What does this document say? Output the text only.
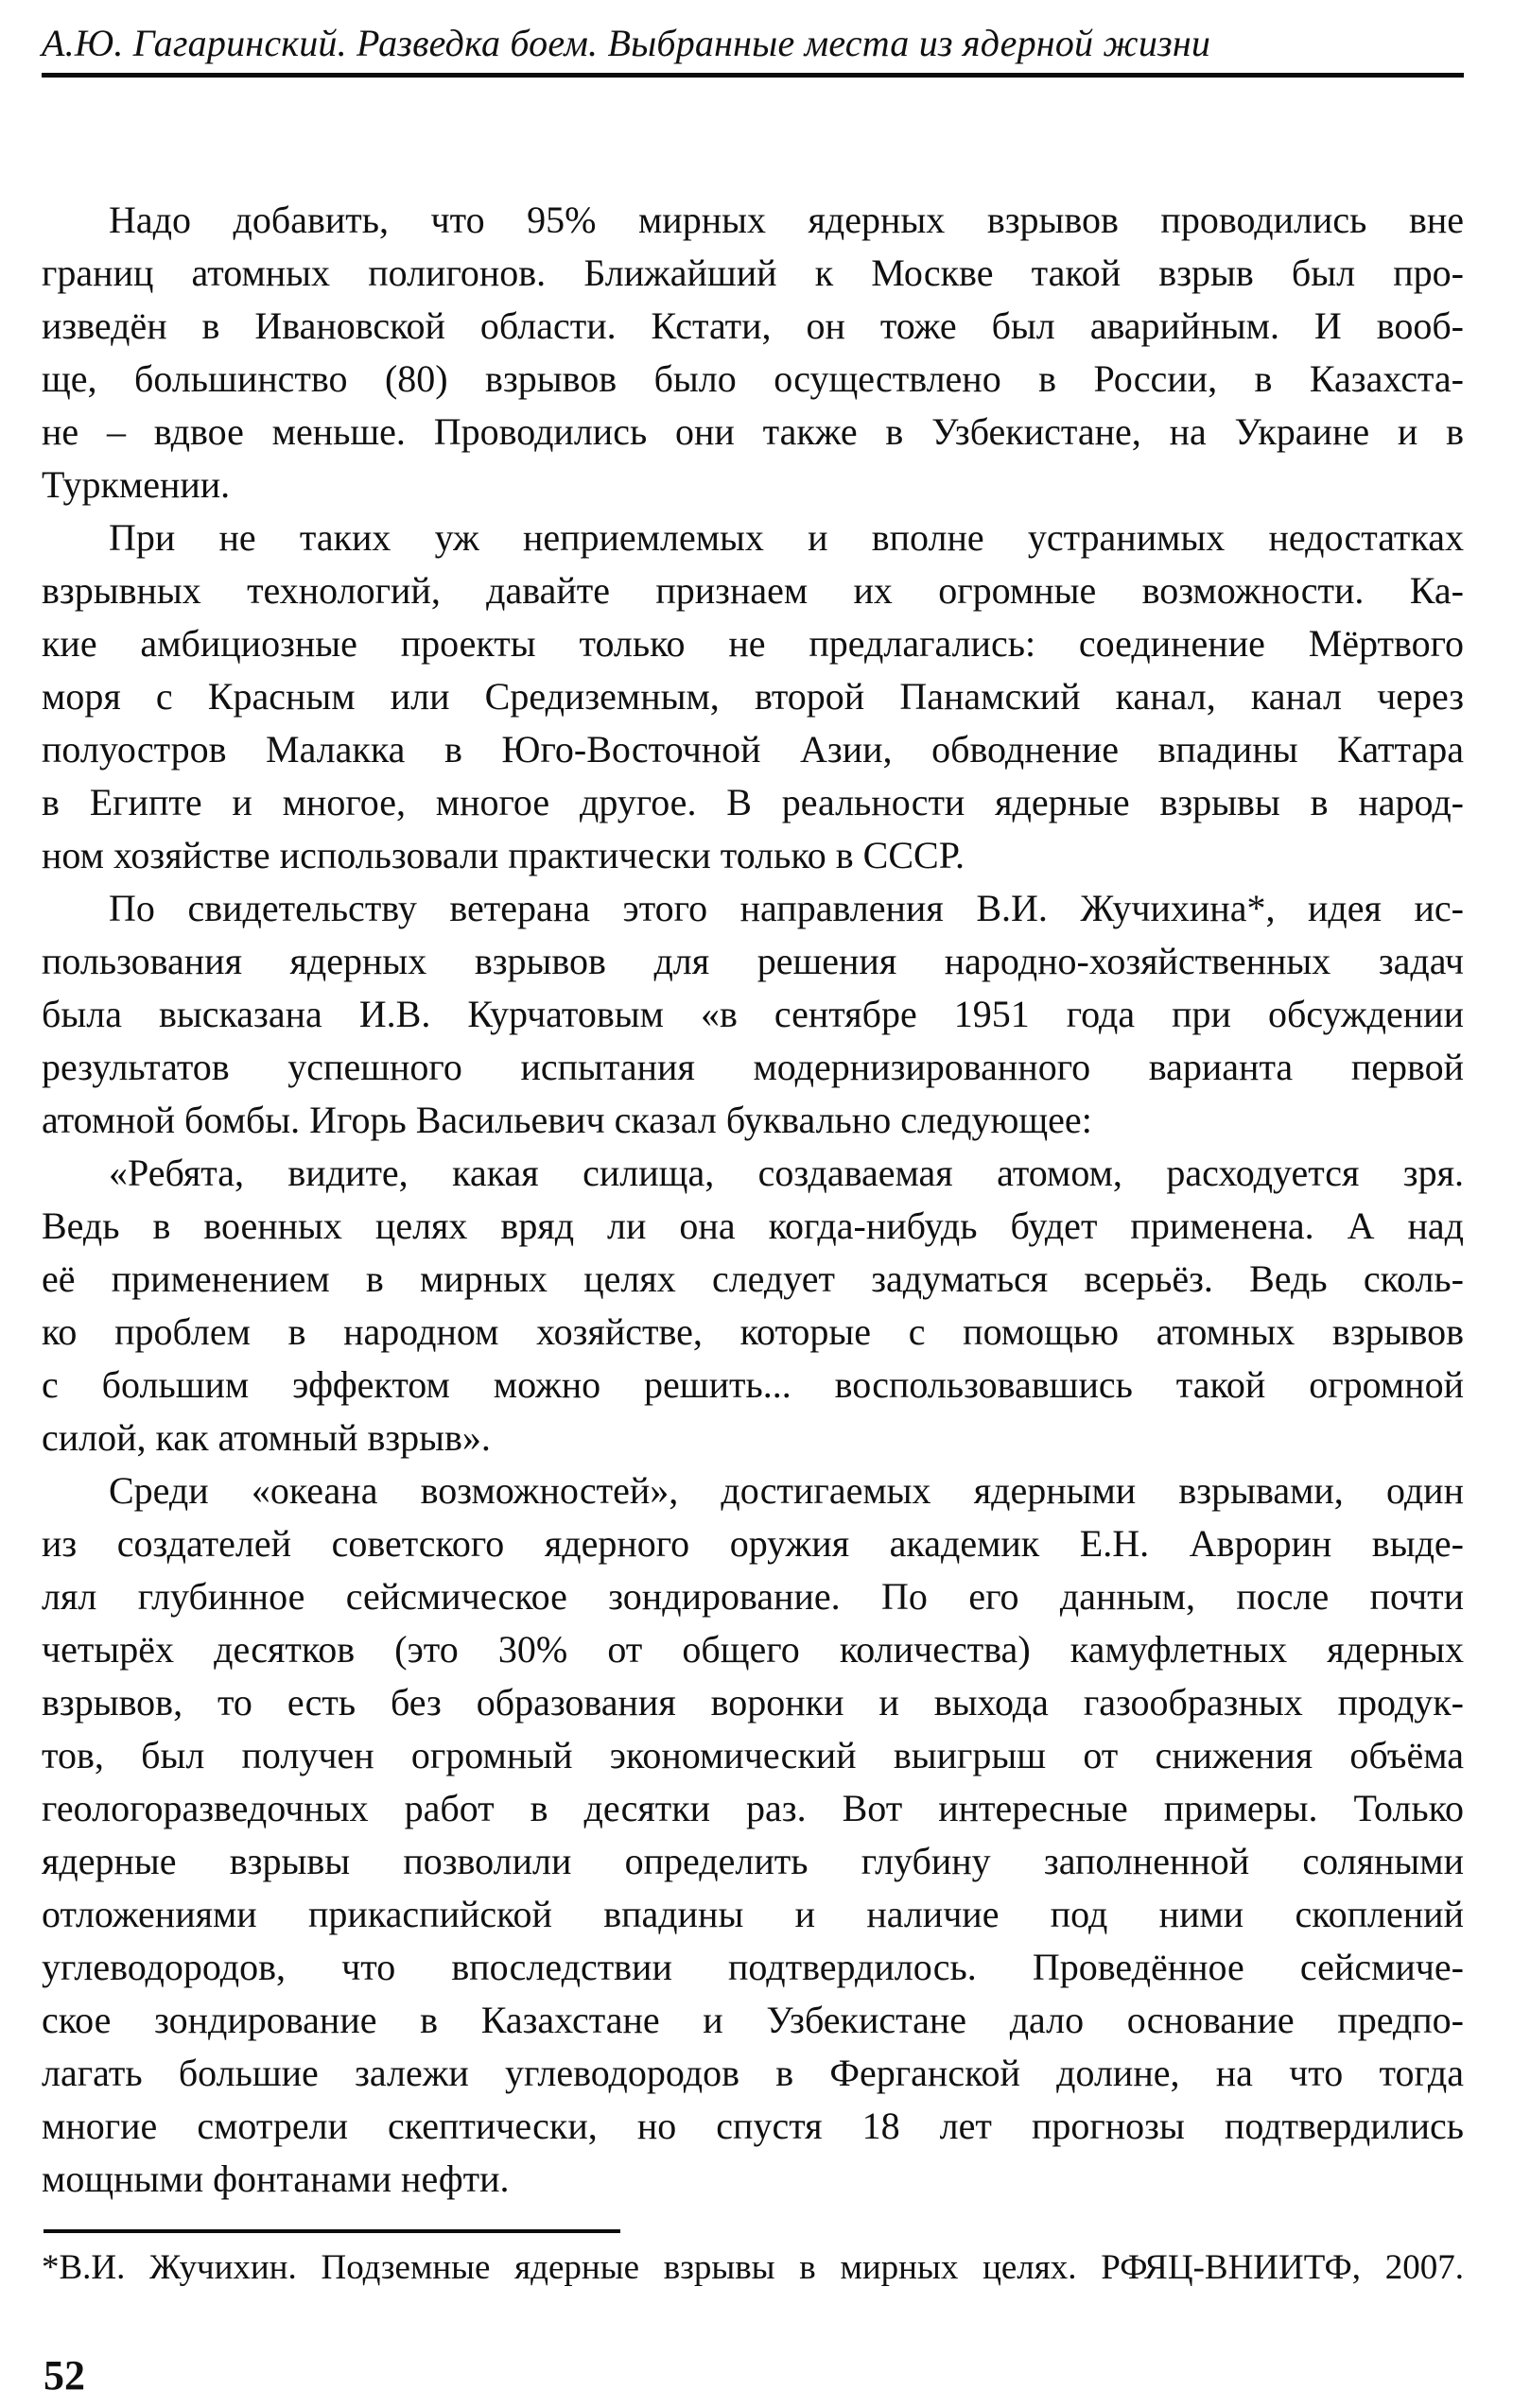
А.Ю. Гагаринский. Разведка боем. Выбранные места из ядерной жизни
Надо добавить, что 95% мирных ядерных взрывов проводились вне
границ атомных полигонов. Ближайший к Москве такой взрыв был про-
изведён в Ивановской области. Кстати, он тоже был аварийным. И вооб-
ще, большинство (80) взрывов было осуществлено в России, в Казахста-
не – вдвое меньше. Проводились они также в Узбекистане, на Украине и в
Туркмении.
При не таких уж неприемлемых и вполне устранимых недостатках
взрывных технологий, давайте признаем их огромные возможности. Ка-
кие амбициозные проекты только не предлагались: соединение Мёртвого
моря с Красным или Средиземным, второй Панамский канал, канал через
полуостров Малакка в Юго-Восточной Азии, обводнение впадины Каттара
в Египте и многое, многое другое. В реальности ядерные взрывы в народ-
ном хозяйстве использовали практически только в СССР.
По свидетельству ветерана этого направления В.И. Жучихина*, идея ис-
пользования ядерных взрывов для решения народно-хозяйственных задач
была высказана И.В. Курчатовым «в сентябре 1951 года при обсуждении
результатов успешного испытания модернизированного варианта первой
атомной бомбы. Игорь Васильевич сказал буквально следующее:
«Ребята, видите, какая силища, создаваемая атомом, расходуется зря.
Ведь в военных целях вряд ли она когда-нибудь будет применена. А над
её применением в мирных целях следует задуматься всерьёз. Ведь сколь-
ко проблем в народном хозяйстве, которые с помощью атомных взрывов
с большим эффектом можно решить... воспользовавшись такой огромной
силой, как атомный взрыв».
Среди «океана возможностей», достигаемых ядерными взрывами, один
из создателей советского ядерного оружия академик Е.Н. Аврорин выде-
лял глубинное сейсмическое зондирование. По его данным, после почти
четырёх десятков (это 30% от общего количества) камуфлетных ядерных
взрывов, то есть без образования воронки и выхода газообразных продук-
тов, был получен огромный экономический выигрыш от снижения объёма
геологоразведочных работ в десятки раз. Вот интересные примеры. Только
ядерные взрывы позволили определить глубину заполненной соляными
отложениями прикаспийской впадины и наличие под ними скоплений
углеводородов, что впоследствии подтвердилось. Проведённое сейсмиче-
ское зондирование в Казахстане и Узбекистане дало основание предпо-
лагать большие залежи углеводородов в Ферганской долине, на что тогда
многие смотрели скептически, но спустя 18 лет прогнозы подтвердились
мощными фонтанами нефти.
*В.И. Жучихин. Подземные ядерные взрывы в мирных целях. РФЯЦ-ВНИИТФ, 2007.
52
